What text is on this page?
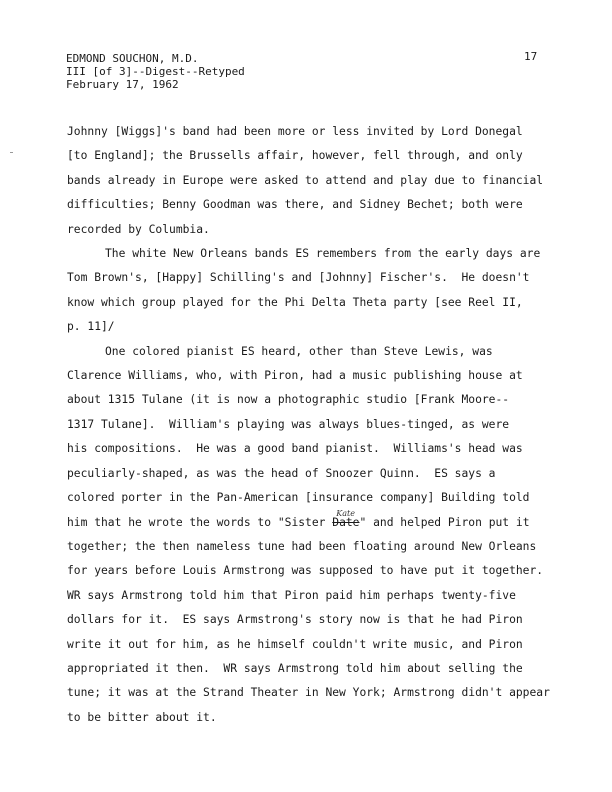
EDMOND SOUCHON, M.D.
III [of 3]--Digest--Retyped
February 17, 1962
17
Johnny [Wiggs]'s band had been more or less invited by Lord Donegal
[to England]; the Brussells affair, however, fell through, and only
bands already in Europe were asked to attend and play due to financial
difficulties; Benny Goodman was there, and Sidney Bechet; both were
recorded by Columbia.
The white New Orleans bands ES remembers from the early days are
Tom Brown's, [Happy] Schilling's and [Johnny] Fischer's.  He doesn't
know which group played for the Phi Delta Theta party [see Reel II,
p. 11]/
One colored pianist ES heard, other than Steve Lewis, was
Clarence Williams, who, with Piron, had a music publishing house at
about 1315 Tulane (it is now a photographic studio [Frank Moore--
1317 Tulane].  William's playing was always blues-tinged, as were
his compositions.  He was a good band pianist.  Williams's head was
peculiarly-shaped, as was the head of Snoozer Quinn.  ES says a
colored porter in the Pan-American [insurance company] Building told
him that he wrote the words to "Sister Date
Kate
" and helped Piron put it
together; the then nameless tune had been floating around New Orleans
for years before Louis Armstrong was supposed to have put it together.
WR says Armstrong told him that Piron paid him perhaps twenty-five
dollars for it.  ES says Armstrong's story now is that he had Piron
write it out for him, as he himself couldn't write music, and Piron
appropriated it then.  WR says Armstrong told him about selling the
tune; it was at the Strand Theater in New York; Armstrong didn't appear
to be bitter about it.
